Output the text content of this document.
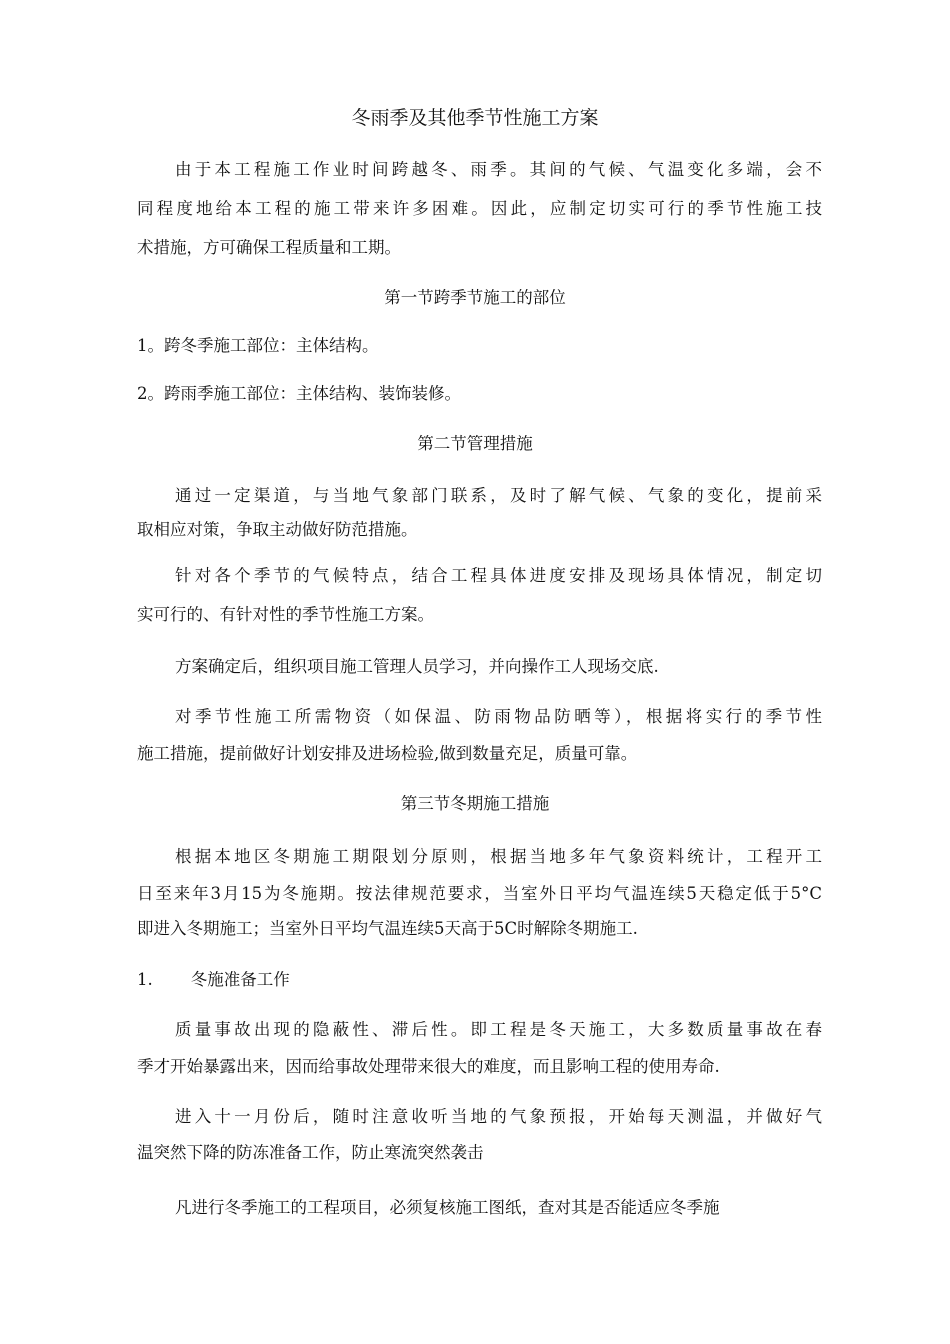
冬雨季及其他季节性施工方案
由于本工程施工作业时间跨越冬、雨季。其间的气候、气温变化多端，会不
同程度地给本工程的施工带来许多困难。因此，应制定切实可行的季节性施工技
术措施，方可确保工程质量和工期。
第一节跨季节施工的部位
1。跨冬季施工部位：主体结构。
2。跨雨季施工部位：主体结构、装饰装修。
第二节管理措施
通过一定渠道，与当地气象部门联系，及时了解气候、气象的变化，提前采
取相应对策，争取主动做好防范措施。
针对各个季节的气候特点，结合工程具体进度安排及现场具体情况，制定切
实可行的、有针对性的季节性施工方案。
方案确定后，组织项目施工管理人员学习，并向操作工人现场交底.
对季节性施工所需物资（如保温、防雨物品防晒等），根据将实行的季节性
施工措施，提前做好计划安排及进场检验,做到数量充足，质量可靠。
第三节冬期施工措施
根据本地区冬期施工期限划分原则，根据当地多年气象资料统计，工程开工
日至来年3月15为冬施期。按法律规范要求，当室外日平均气温连续5天稳定低于5°C
即进入冬期施工；当室外日平均气温连续5天高于5C时解除冬期施工.
1. 冬施准备工作
质量事故出现的隐蔽性、滞后性。即工程是冬天施工，大多数质量事故在春
季才开始暴露出来，因而给事故处理带来很大的难度，而且影响工程的使用寿命.
进入十一月份后，随时注意收听当地的气象预报，开始每天测温，并做好气
温突然下降的防冻准备工作，防止寒流突然袭击
凡进行冬季施工的工程项目，必须复核施工图纸，查对其是否能适应冬季施
